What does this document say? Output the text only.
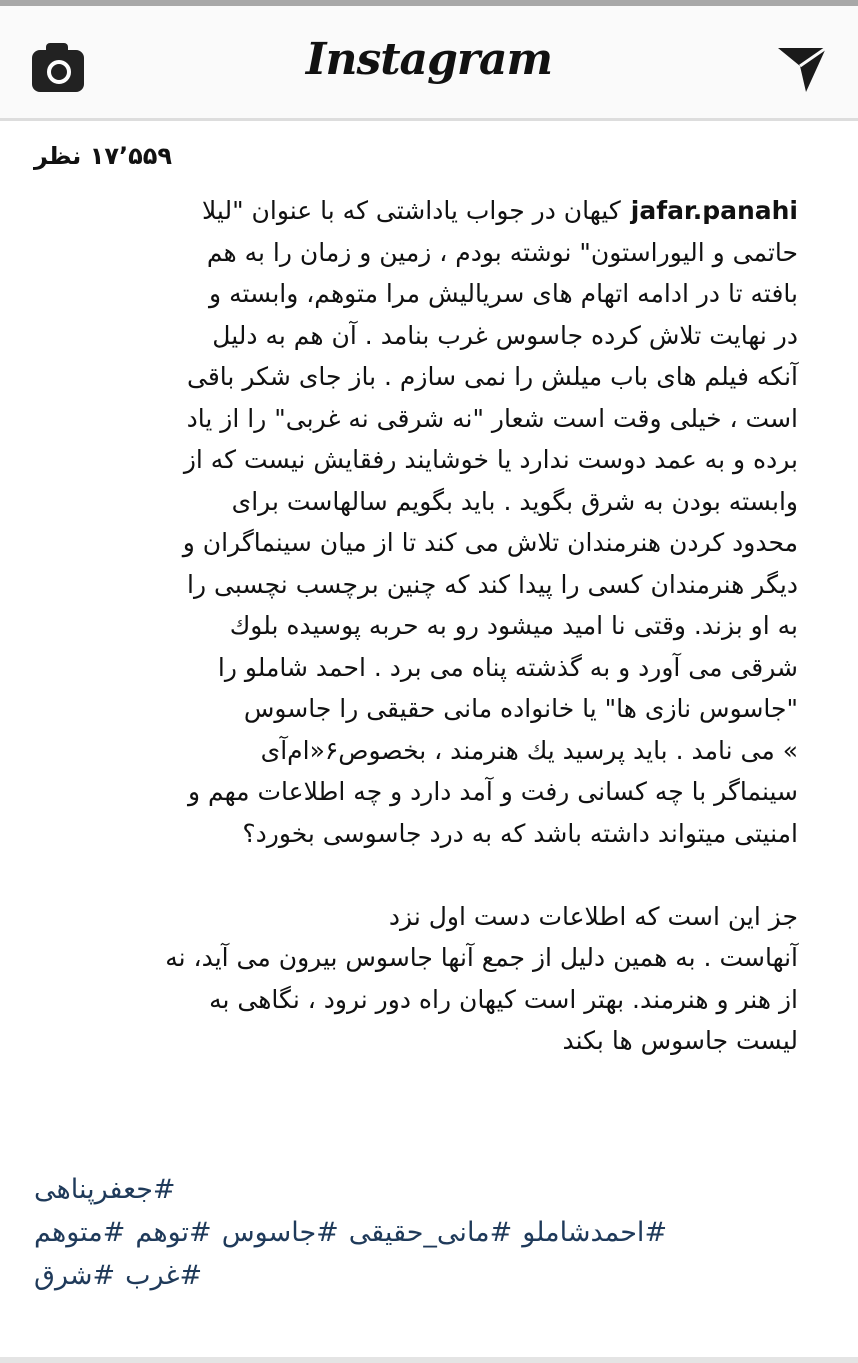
Instagram
۱۷٬۵۵۹ نظر
jafar.panahiکیهان در جواب یاداشتی که با عنوان "لیلا
حاتمی و الیوراستون" نوشته بودم ، زمین و زمان را به هم
بافته تا در ادامه اتهام های سریالیش مرا متوهم، وابسته و
در نهایت تلاش کرده جاسوس غرب بنامد . آن هم به دلیل
آنکه فیلم های باب میلش را نمی سازم . باز جای شکر باقی
است ، خیلی وقت است شعار "نه شرقی نه غربی" را از یاد
برده و به عمد دوست ندارد یا خوشایند رفقایش نیست که از
وابسته بودن به شرق بگوید . باید بگویم سالهاست برای
محدود کردن هنرمندان تلاش می کند تا از میان سینماگران و
دیگر هنرمندان کسی را پیدا کند که چنین برچسب نچسبی را
به او بزند. وقتی نا امید میشود رو به حربه پوسیده بلوك
شرقی می آورد و به گذشته پناه می برد . احمد شاملو را
"جاسوس نازی ها" یا خانواده مانی حقیقی را جاسوس
» می نامد . باید پرسید يك هنرمند ، بخصوص۶«ام‌آی
سینماگر با چه کسانی رفت و آمد دارد و چه اطلاعات مهم و
امنیتی میتواند داشته باشد که به درد جاسوسی بخورد؟
جز این است که اطلاعات دست اول نزد
آنهاست . به همین دلیل از جمع آنها جاسوس بیرون می آید، نه
از هنر و هنرمند. بهتر است کیهان راه دور نرود ، نگاهی به
لیست جاسوس ها بکند
#جعفرپناهی
#احمدشاملو#مانی_حقیقی#جاسوس#توهم#متوهم
#غرب#شرق
